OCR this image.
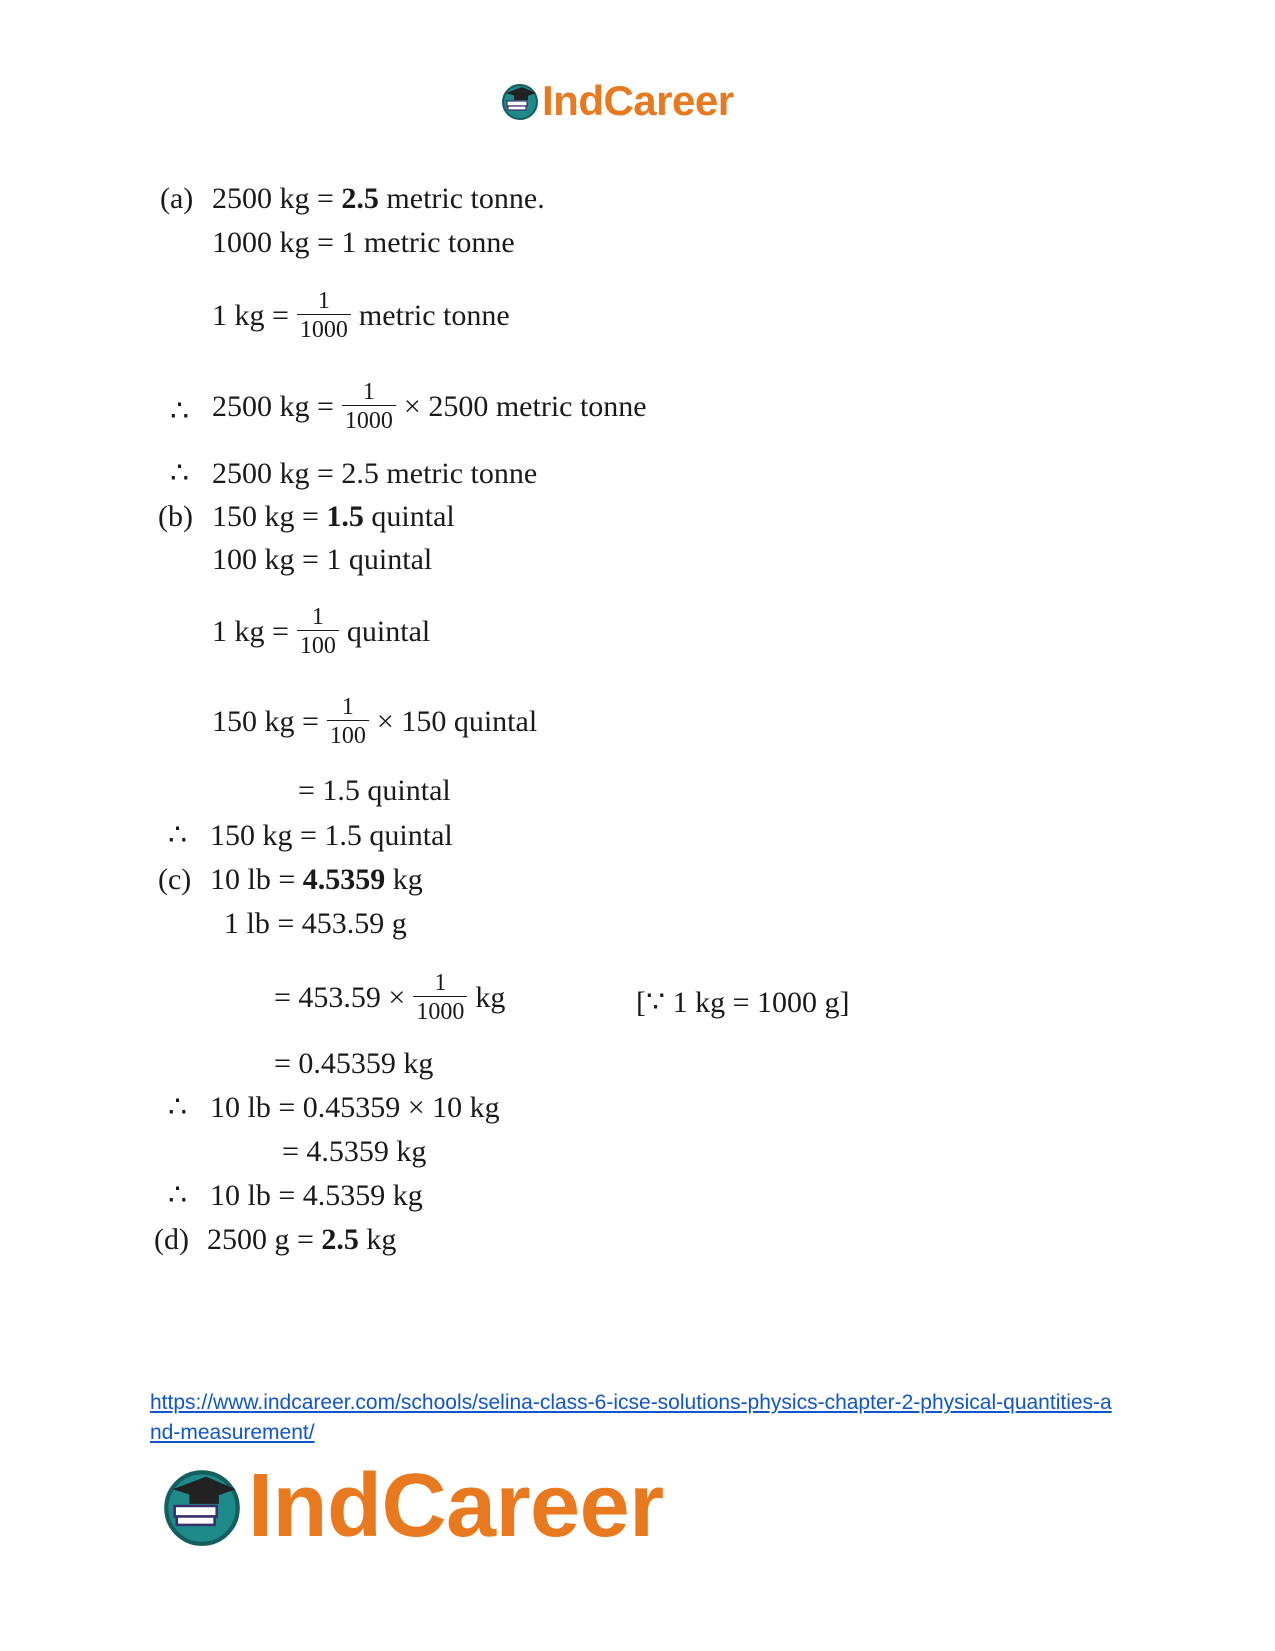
IndCareer
(a) 2500 kg =
2.5
metric tonne.
1000 kg = 1 metric tonne
1 kg = $\frac{1}{1000}$ metric tonne
∴ 2500 kg = $\frac{1}{1000} \times 2500$ metric tonne
∴ 2500 kg = 2.5 metric tonne
(b) 150 kg =
1.5
quintal
100 kg = 1 quintal
1 kg = $\frac{1}{100}$ quintal
150 kg = $\frac{1}{100} \times 150$ quintal
= 1.5 quintal
∴ 150 kg = 1.5 quintal
(c) 10 lb =
4.5359
kg
1 lb = 453.59 g
= $453.59 \times \frac{1}{1000}$ kg	[∵ 1 kg = 1000 g]
= 0.45359 kg
∴ 10 lb = 0.45359 × 10 kg
= 4.5359 kg
∴ 10 lb = 4.5359 kg
(d) 2500 g =
2.5
kg
https://www.indcareer.com/schools/selina-class-6-icse-solutions-physics-chapter-2-physical-quantities-and-measurement/
IndCareer
